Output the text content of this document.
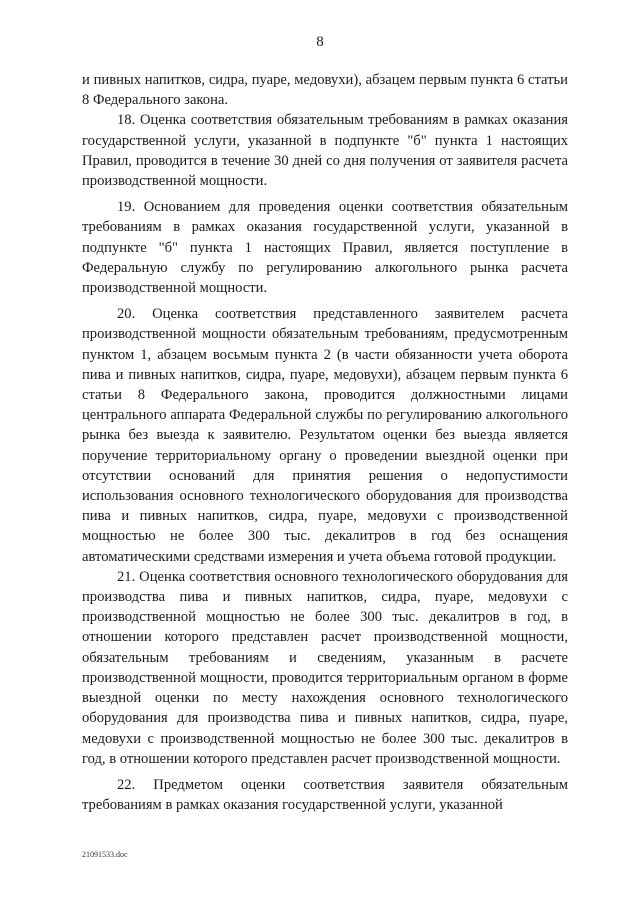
8

и пивных напитков, сидра, пуаре, медовухи), абзацем первым пункта 6 статьи 8 Федерального закона.

18. Оценка соответствия обязательным требованиям в рамках оказания государственной услуги, указанной в подпункте "б" пункта 1 настоящих Правил, проводится в течение 30 дней со дня получения от заявителя расчета производственной мощности.

19. Основанием для проведения оценки соответствия обязательным требованиям в рамках оказания государственной услуги, указанной в подпункте "б" пункта 1 настоящих Правил, является поступление в Федеральную службу по регулированию алкогольного рынка расчета производственной мощности.

20. Оценка соответствия представленного заявителем расчета производственной мощности обязательным требованиям, предусмотренным пунктом 1, абзацем восьмым пункта 2 (в части обязанности учета оборота пива и пивных напитков, сидра, пуаре, медовухи), абзацем первым пункта 6 статьи 8 Федерального закона, проводится должностными лицами центрального аппарата Федеральной службы по регулированию алкогольного рынка без выезда к заявителю. Результатом оценки без выезда является поручение территориальному органу о проведении выездной оценки при отсутствии оснований для принятия решения о недопустимости использования основного технологического оборудования для производства пива и пивных напитков, сидра, пуаре, медовухи с производственной мощностью не более 300 тыс. декалитров в год без оснащения автоматическими средствами измерения и учета объема готовой продукции.

21. Оценка соответствия основного технологического оборудования для производства пива и пивных напитков, сидра, пуаре, медовухи с производственной мощностью не более 300 тыс. декалитров в год, в отношении которого представлен расчет производственной мощности, обязательным требованиям и сведениям, указанным в расчете производственной мощности, проводится территориальным органом в форме выездной оценки по месту нахождения основного технологического оборудования для производства пива и пивных напитков, сидра, пуаре, медовухи с производственной мощностью не более 300 тыс. декалитров в год, в отношении которого представлен расчет производственной мощности.

22. Предметом оценки соответствия заявителя обязательным требованиям в рамках оказания государственной услуги, указанной

21091533.doc
